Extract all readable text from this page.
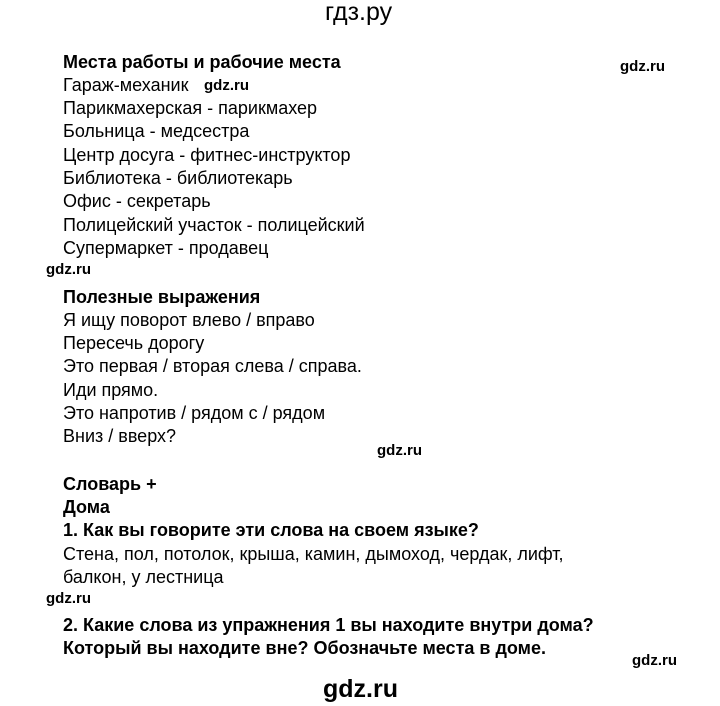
гдз.ру
Места работы и рабочие места
Гараж-механик
Парикмахерская - парикмахер
Больница - медсестра
Центр досуга - фитнес-инструктор
Библиотека - библиотекарь
Офис - секретарь
Полицейский участок - полицейский
Супермаркет - продавец
Полезные выражения
Я ищу поворот влево / вправо
Пересечь дорогу
Это первая / вторая слева / справа.
Иди прямо.
Это напротив / рядом с / рядом
Вниз / вверх?
Словарь +
Дома
1. Как вы говорите эти слова на своем языке?
Стена, пол, потолок, крыша, камин, дымоход, чердак, лифт,
балкон, у лестница
2. Какие слова из упражнения 1 вы находите внутри дома?
Который вы находите вне? Обозначьте места в доме.
gdz.ru
gdz.ru
gdz.ru
gdz.ru
gdz.ru
gdz.ru
gdz.ru
